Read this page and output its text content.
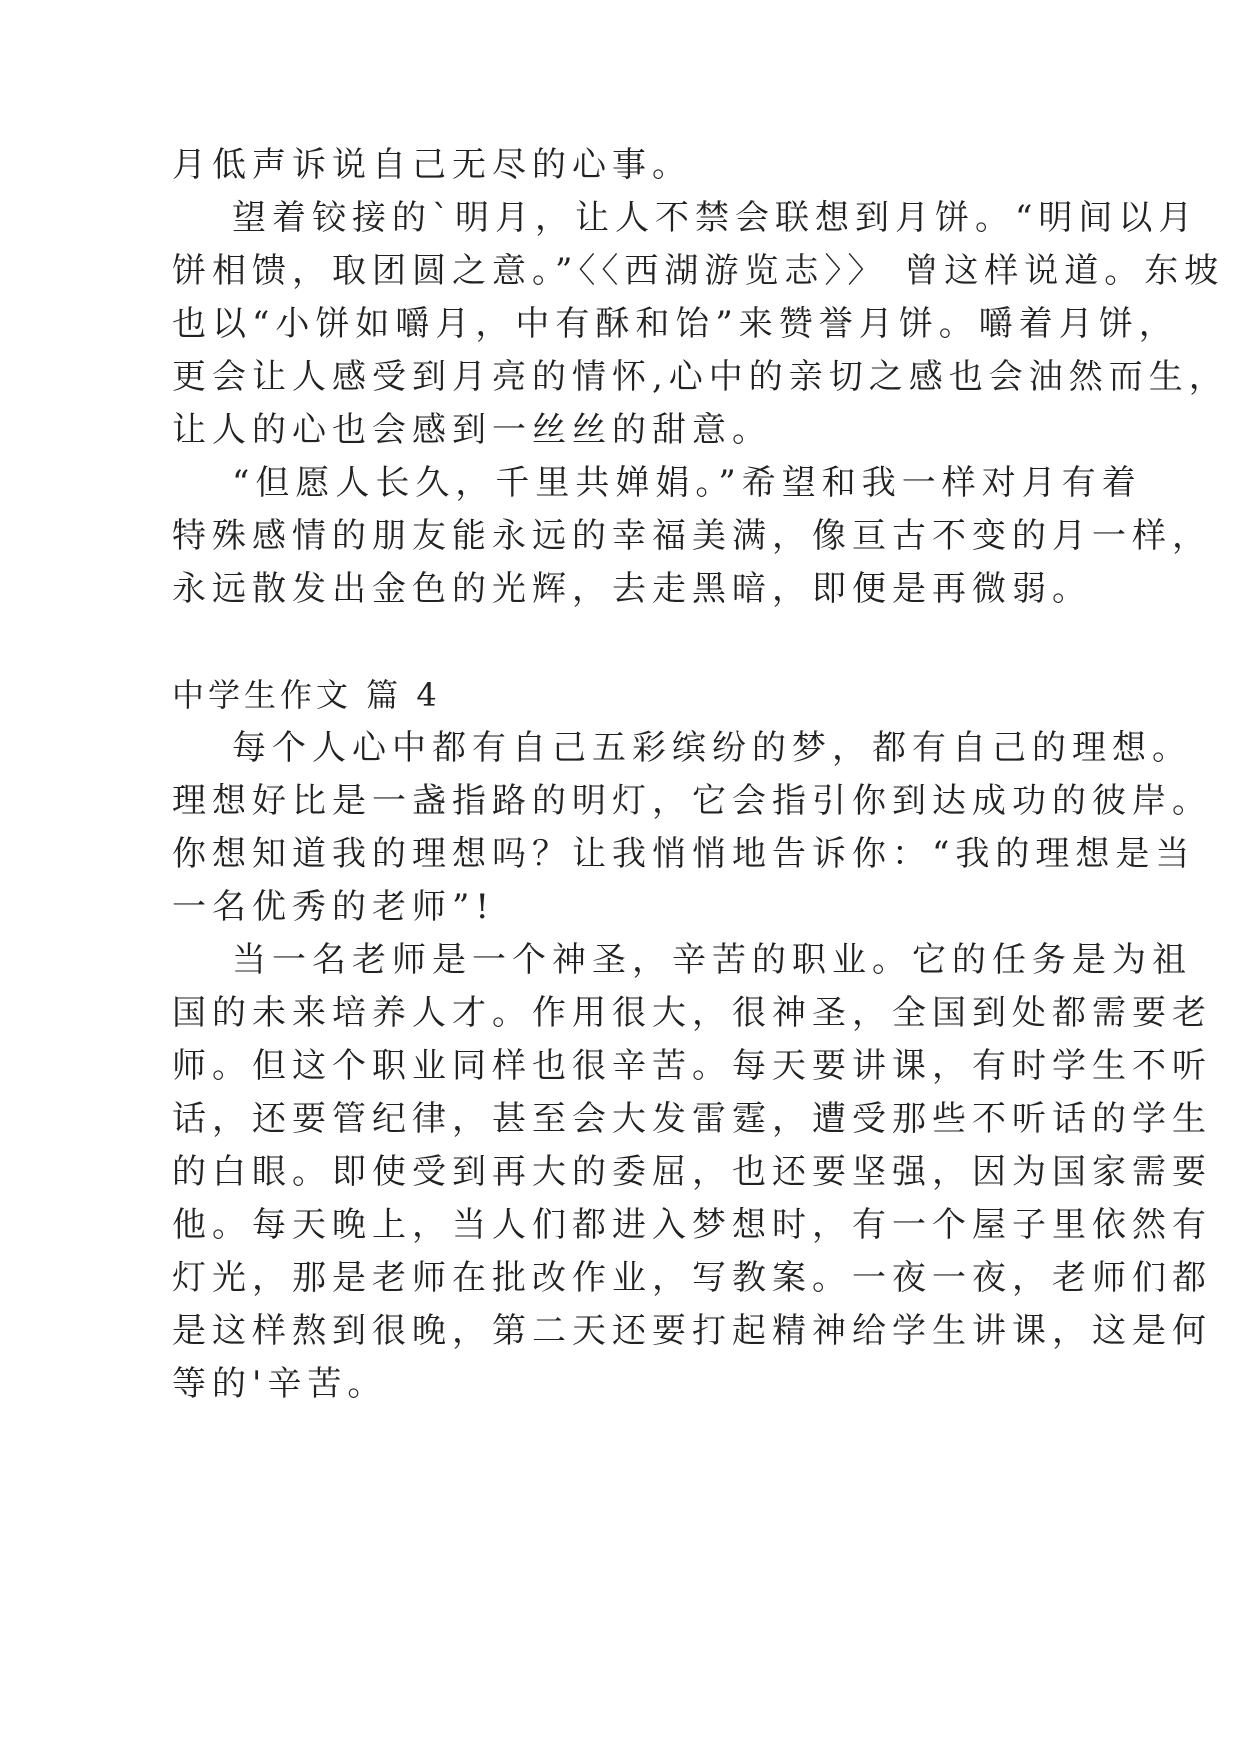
月低声诉说自己无尽的心事。
望着铰接的`明月，让人不禁会联想到月饼。“明间以月
饼相馈，取团圆之意。”〈〈西湖游览志〉〉 曾这样说道。东坡
也以“小饼如嚼月，中有酥和饴”来赞誉月饼。嚼着月饼，
更会让人感受到月亮的情怀,心中的亲切之感也会油然而生，
让人的心也会感到一丝丝的甜意。
“但愿人长久，千里共婵娟。”希望和我一样对月有着
特殊感情的朋友能永远的幸福美满，像亘古不变的月一样，
永远散发出金色的光辉，去走黑暗，即便是再微弱。
中学生作文 篇 4
每个人心中都有自己五彩缤纷的梦，都有自己的理想。
理想好比是一盏指路的明灯，它会指引你到达成功的彼岸。
你想知道我的理想吗？让我悄悄地告诉你：“我的理想是当
一名优秀的老师”!
当一名老师是一个神圣，辛苦的职业。它的任务是为祖
国的未来培养人才。作用很大，很神圣，全国到处都需要老
师。但这个职业同样也很辛苦。每天要讲课，有时学生不听
话，还要管纪律，甚至会大发雷霆，遭受那些不听话的学生
的白眼。即使受到再大的委屈，也还要坚强，因为国家需要
他。每天晚上，当人们都进入梦想时，有一个屋子里依然有
灯光，那是老师在批改作业，写教案。一夜一夜，老师们都
是这样熬到很晚，第二天还要打起精神给学生讲课，这是何
等的'辛苦。
